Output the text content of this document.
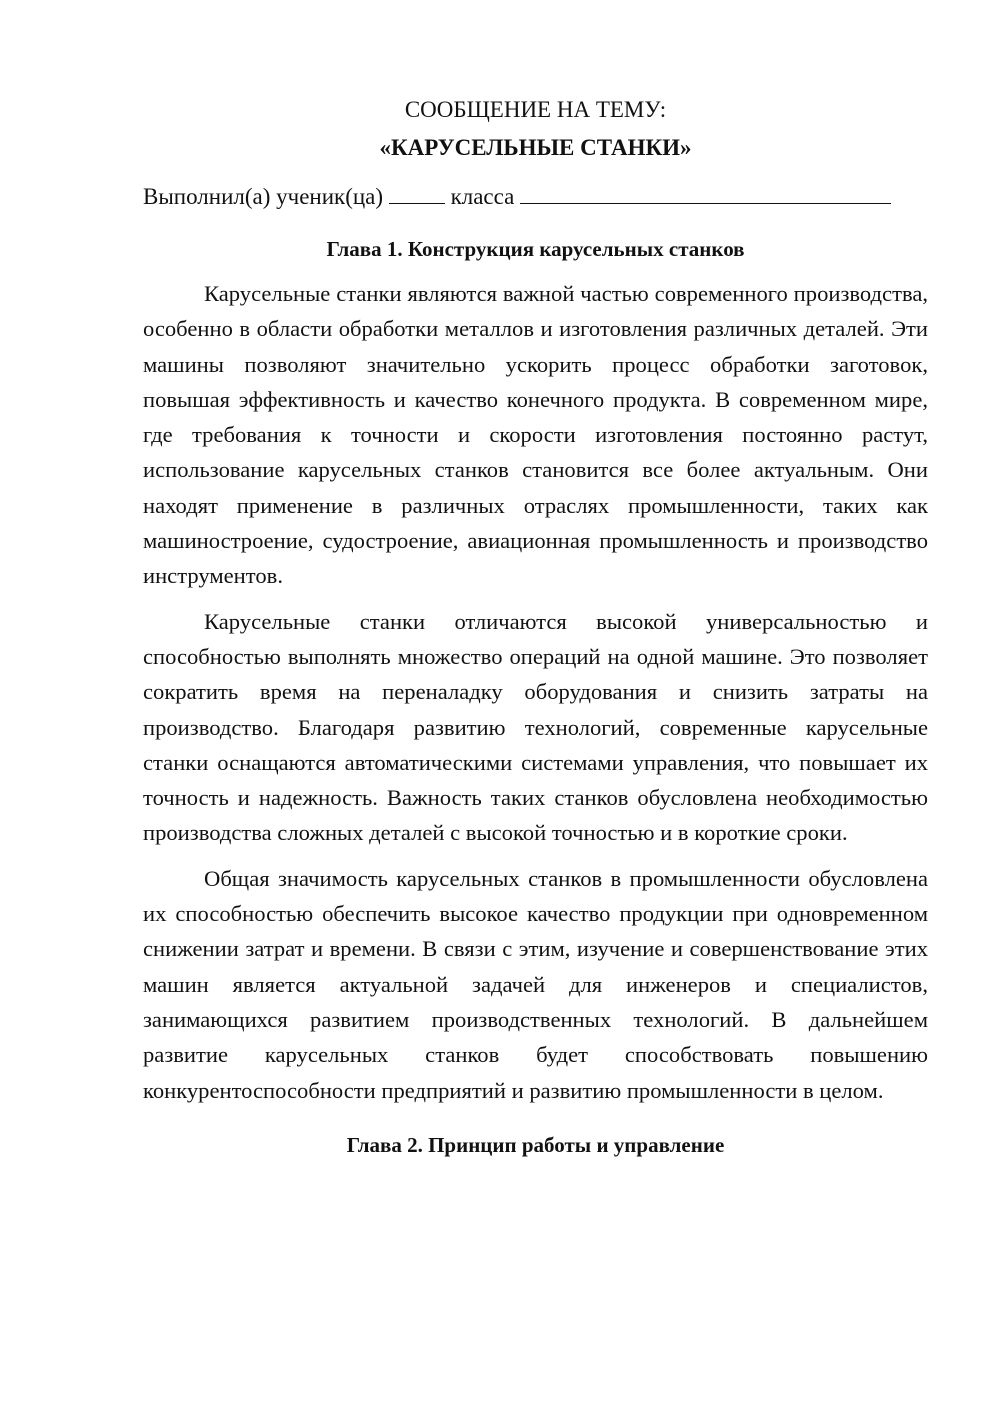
СООБЩЕНИЕ НА ТЕМУ:

«КАРУСЕЛЬНЫЕ СТАНКИ»

Выполнил(а) ученик(ца)	класса

Глава 1. Конструкция карусельных станков

Карусельные станки являются важной частью современного производства, особенно в области обработки металлов и изготовления различных деталей. Эти машины позволяют значительно ускорить процесс обработки заготовок, повышая эффективность и качество конечного продукта. В современном мире, где требования к точности и скорости изготовления постоянно растут, использование карусельных станков становится все более актуальным. Они находят применение в различных отраслях промышленности, таких как машиностроение, судостроение, авиационная промышленность и производство инструментов.

Карусельные станки отличаются высокой универсальностью и способностью выполнять множество операций на одной машине. Это позволяет сократить время на переналадку оборудования и снизить затраты на производство. Благодаря развитию технологий, современные карусельные станки оснащаются автоматическими системами управления, что повышает их точность и надежность. Важность таких станков обусловлена необходимостью производства сложных деталей с высокой точностью и в короткие сроки.

Общая значимость карусельных станков в промышленности обусловлена их способностью обеспечить высокое качество продукции при одновременном снижении затрат и времени. В связи с этим, изучение и совершенствование этих машин является актуальной задачей для инженеров и специалистов, занимающихся развитием производственных технологий. В дальнейшем развитие карусельных станков будет способствовать повышению конкурентоспособности предприятий и развитию промышленности в целом.

Глава 2. Принцип работы и управление
